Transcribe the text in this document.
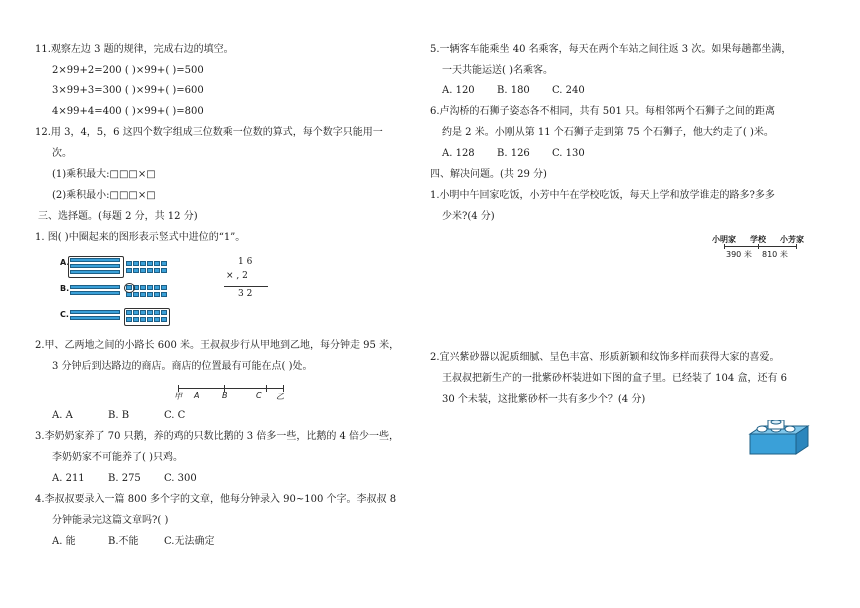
11.观察左边 3 题的规律，完成右边的填空。
2×99+2=200 ( )×99+( )=500
3×99+3=300 ( )×99+( )=600
4×99+4=400 ( )×99+( )=800
12.用 3，4，5，6 这四个数字组成三位数乘一位数的算式，每个数字只能用一
次。
(1)乘积最大:□□□×□
(2)乘积最小:□□□×□
三、选择题。(每题 2 分，共 12 分)
1. 图( )中圈起来的图形表示竖式中进位的“1”。
A.
B.
C.
1 6
× , 2
3 2
2.甲、乙两地之间的小路长 600 米。王叔叔步行从甲地到乙地，每分钟走 95 米，
3 分钟后到达路边的商店。商店的位置最有可能在点( )处。
甲 A	B	C 乙
A. A	B. B	C. C
3.李奶奶家养了 70 只鹅，养的鸡的只数比鹅的 3 倍多一些，比鹅的 4 倍少一些，
李奶奶家不可能养了( )只鸡。
A. 211 B. 275 C. 300
4.李叔叔要录入一篇 800 多个字的文章，他每分钟录入 90~100 个字。李叔叔 8
分钟能录完这篇文章吗?( )
A. 能	B.不能	C.无法确定
5.一辆客车能乘坐 40 名乘客，每天在两个车站之间往返 3 次。如果每趟都坐满，
一天共能运送( )名乘客。
A. 120 B. 180 C. 240
6.卢沟桥的石狮子姿态各不相同，共有 501 只。每相邻两个石狮子之间的距离
约是 2 米。小刚从第 11 个石狮子走到第 75 个石狮子，他大约走了( )米。
A. 128 B. 126 C. 130
四、解决问题。(共 29 分)
1.小明中午回家吃饭，小芳中午在学校吃饭，每天上学和放学谁走的路多?多多
少米?(4 分)
小明家 学校 小芳家
390 米 810 米
2.宜兴紫砂器以泥质细腻、呈色丰富、形质新颖和纹饰多样而获得大家的喜爱。
王叔叔把新生产的一批紫砂杯装进如下图的盒子里。已经装了 104 盒，还有 6
30 个未装，这批紫砂杯一共有多少个？(4 分)
